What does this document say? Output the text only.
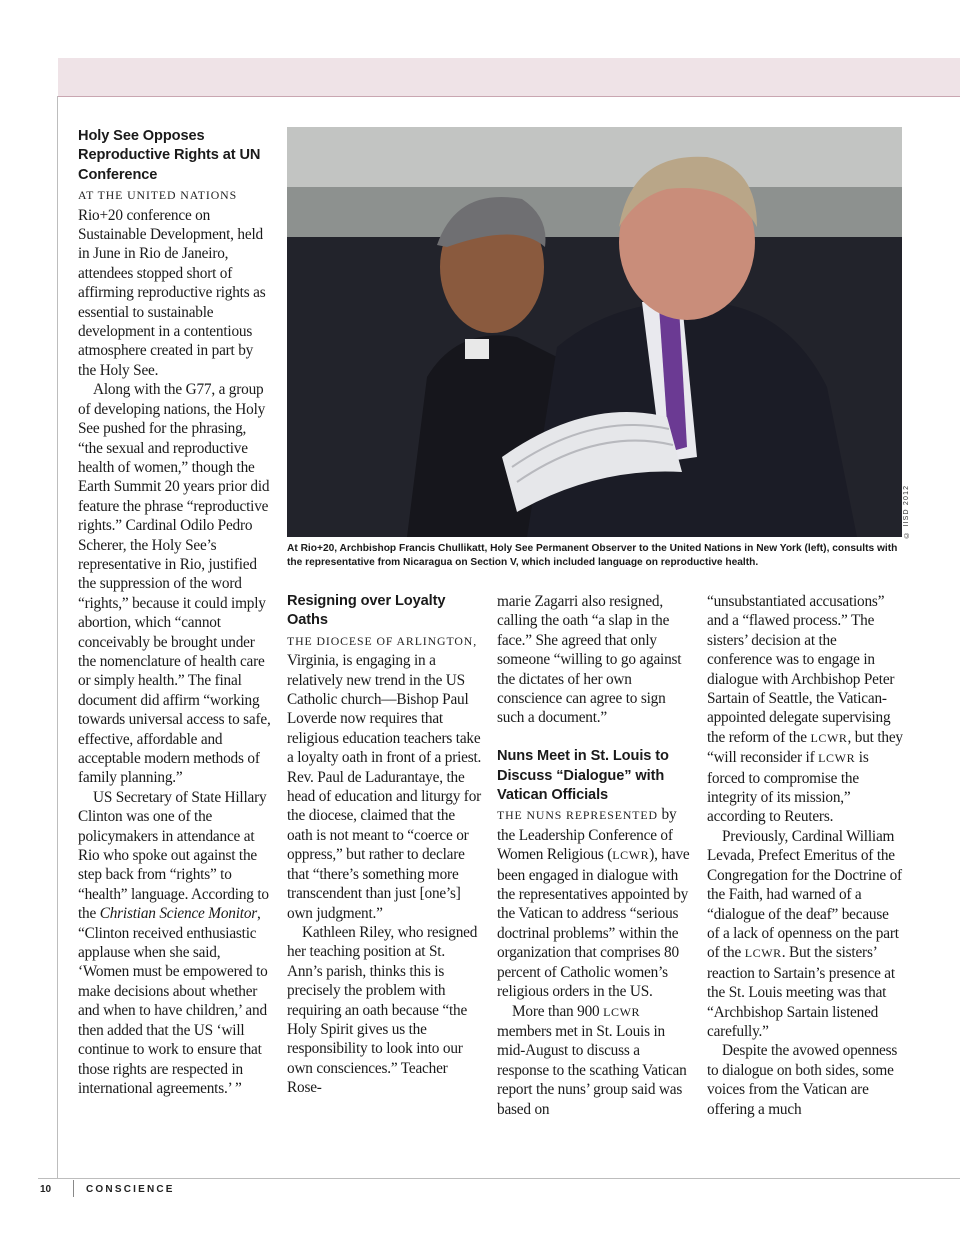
Holy See Opposes Reproductive Rights at UN Conference

AT THE UNITED NATIONS Rio+20 conference on Sustainable Development, held in June in Rio de Janeiro, attendees stopped short of affirming reproductive rights as essential to sustainable development in a contentious atmosphere created in part by the Holy See.

Along with the G77, a group of developing nations, the Holy See pushed for the phrasing, “the sexual and reproductive health of women,” though the Earth Summit 20 years prior did feature the phrase “reproductive rights.” Cardinal Odilo Pedro Scherer, the Holy See’s representative in Rio, justified the suppression of the word “rights,” because it could imply abortion, which “cannot conceivably be brought under the nomenclature of health care or simply health.” The final document did affirm “working towards universal access to safe, effective, affordable and acceptable modern methods of family planning.”

US Secretary of State Hillary Clinton was one of the policymakers in attendance at Rio who spoke out against the step back from “rights” to “health” language. According to the Christian Science Monitor, “Clinton received enthusiastic applause when she said, ‘Women must be empowered to make decisions about whether and when to have children,’ and then added that the US ‘will continue to work to ensure that those rights are respected in international agreements.’ ”

© IISD 2012
At Rio+20, Archbishop Francis Chullikatt, Holy See Permanent Observer to the United Nations in New York (left), consults with the representative from Nicaragua on Section V, which included language on reproductive health.
Resigning over Loyalty Oaths

THE DIOCESE OF ARLINGTON, Virginia, is engaging in a relatively new trend in the US Catholic church—Bishop Paul Loverde now requires that religious education teachers take a loyalty oath in front of a priest. Rev. Paul de Ladurantaye, the head of education and liturgy for the diocese, claimed that the oath is not meant to “coerce or oppress,” but rather to declare that “there’s something more transcendent than just [one’s] own judgment.”

Kathleen Riley, who resigned her teaching position at St. Ann’s parish, thinks this is precisely the problem with requiring an oath because “the Holy Spirit gives us the responsibility to look into our own consciences.” Teacher Rose-

marie Zagarri also resigned, calling the oath “a slap in the face.” She agreed that only someone “willing to go against the dictates of her own conscience can agree to sign such a document.”

Nuns Meet in St. Louis to Discuss “Dialogue” with Vatican Officials

THE NUNS REPRESENTED by the Leadership Conference of Women Religious (LCWR), have been engaged in dialogue with the representatives appointed by the Vatican to address “serious doctrinal problems” within the organization that comprises 80 percent of Catholic women’s religious orders in the US.

More than 900 LCWR members met in St. Louis in mid-August to discuss a response to the scathing Vatican report the nuns’ group said was based on

“unsubstantiated accusations” and a “flawed process.” The sisters’ decision at the conference was to engage in dialogue with Archbishop Peter Sartain of Seattle, the Vatican-appointed delegate supervising the reform of the LCWR, but they “will reconsider if LCWR is forced to compromise the integrity of its mission,” according to Reuters.

Previously, Cardinal William Levada, Prefect Emeritus of the Congregation for the Doctrine of the Faith, had warned of a “dialogue of the deaf” because of a lack of openness on the part of the LCWR. But the sisters’ reaction to Sartain’s presence at the St. Louis meeting was that “Archbishop Sartain listened carefully.”

Despite the avowed openness to dialogue on both sides, some voices from the Vatican are offering a much

10	CONSCIENCE
